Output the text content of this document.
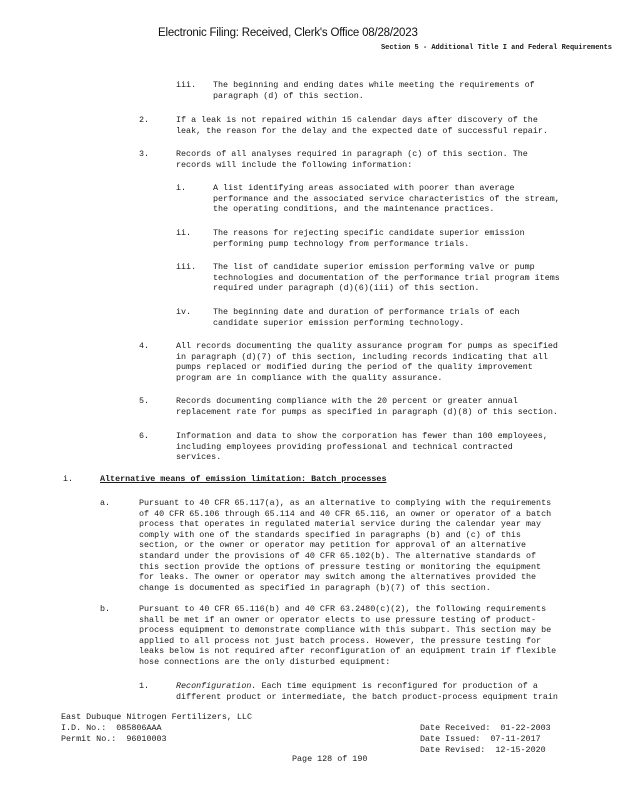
Electronic Filing: Received, Clerk's Office 08/28/2023
Section 5 - Additional Title I and Federal Requirements
iii. The beginning and ending dates while meeting the requirements of
paragraph (d) of this section.
2.	If a leak is not repaired within 15 calendar days after discovery of the
leak, the reason for the delay and the expected date of successful repair.
3.	Records of all analyses required in paragraph (c) of this section. The
records will include the following information:
i.	A list identifying areas associated with poorer than average
performance and the associated service characteristics of the stream,
the operating conditions, and the maintenance practices.
ii.	The reasons for rejecting specific candidate superior emission
performing pump technology from performance trials.
iii. The list of candidate superior emission performing valve or pump
technologies and documentation of the performance trial program items
required under paragraph (d)(6)(iii) of this section.
iv.	The beginning date and duration of performance trials of each
candidate superior emission performing technology.
4.	All records documenting the quality assurance program for pumps as specified
in paragraph (d)(7) of this section, including records indicating that all
pumps replaced or modified during the period of the quality improvement
program are in compliance with the quality assurance.
5.	Records documenting compliance with the 20 percent or greater annual
replacement rate for pumps as specified in paragraph (d)(8) of this section.
6.	Information and data to show the corporation has fewer than 100 employees,
including employees providing professional and technical contracted
services.
i.	Alternative means of emission limitation: Batch processes
a.	Pursuant to 40 CFR 65.117(a), as an alternative to complying with the requirements
of 40 CFR 65.106 through 65.114 and 40 CFR 65.116, an owner or operator of a batch
process that operates in regulated material service during the calendar year may
comply with one of the standards specified in paragraphs (b) and (c) of this
section, or the owner or operator may petition for approval of an alternative
standard under the provisions of 40 CFR 65.102(b). The alternative standards of
this section provide the options of pressure testing or monitoring the equipment
for leaks. The owner or operator may switch among the alternatives provided the
change is documented as specified in paragraph (b)(7) of this section.
b.	Pursuant to 40 CFR 65.116(b) and 40 CFR 63.2480(c)(2), the following requirements
shall be met if an owner or operator elects to use pressure testing of product-
process equipment to demonstrate compliance with this subpart. This section may be
applied to all process not just batch process. However, the pressure testing for
leaks below is not required after reconfiguration of an equipment train if flexible
hose connections are the only disturbed equipment:
1.	Reconfiguration. Each time equipment is reconfigured for production of a
different product or intermediate, the batch product-process equipment train
East Dubuque Nitrogen Fertilizers, LLC
I.D. No.:  085806AAA
Permit No.:  96010003
Date Received:  01-22-2003
Date Issued:  07-11-2017
Date Revised:  12-15-2020
Page 128 of 190
